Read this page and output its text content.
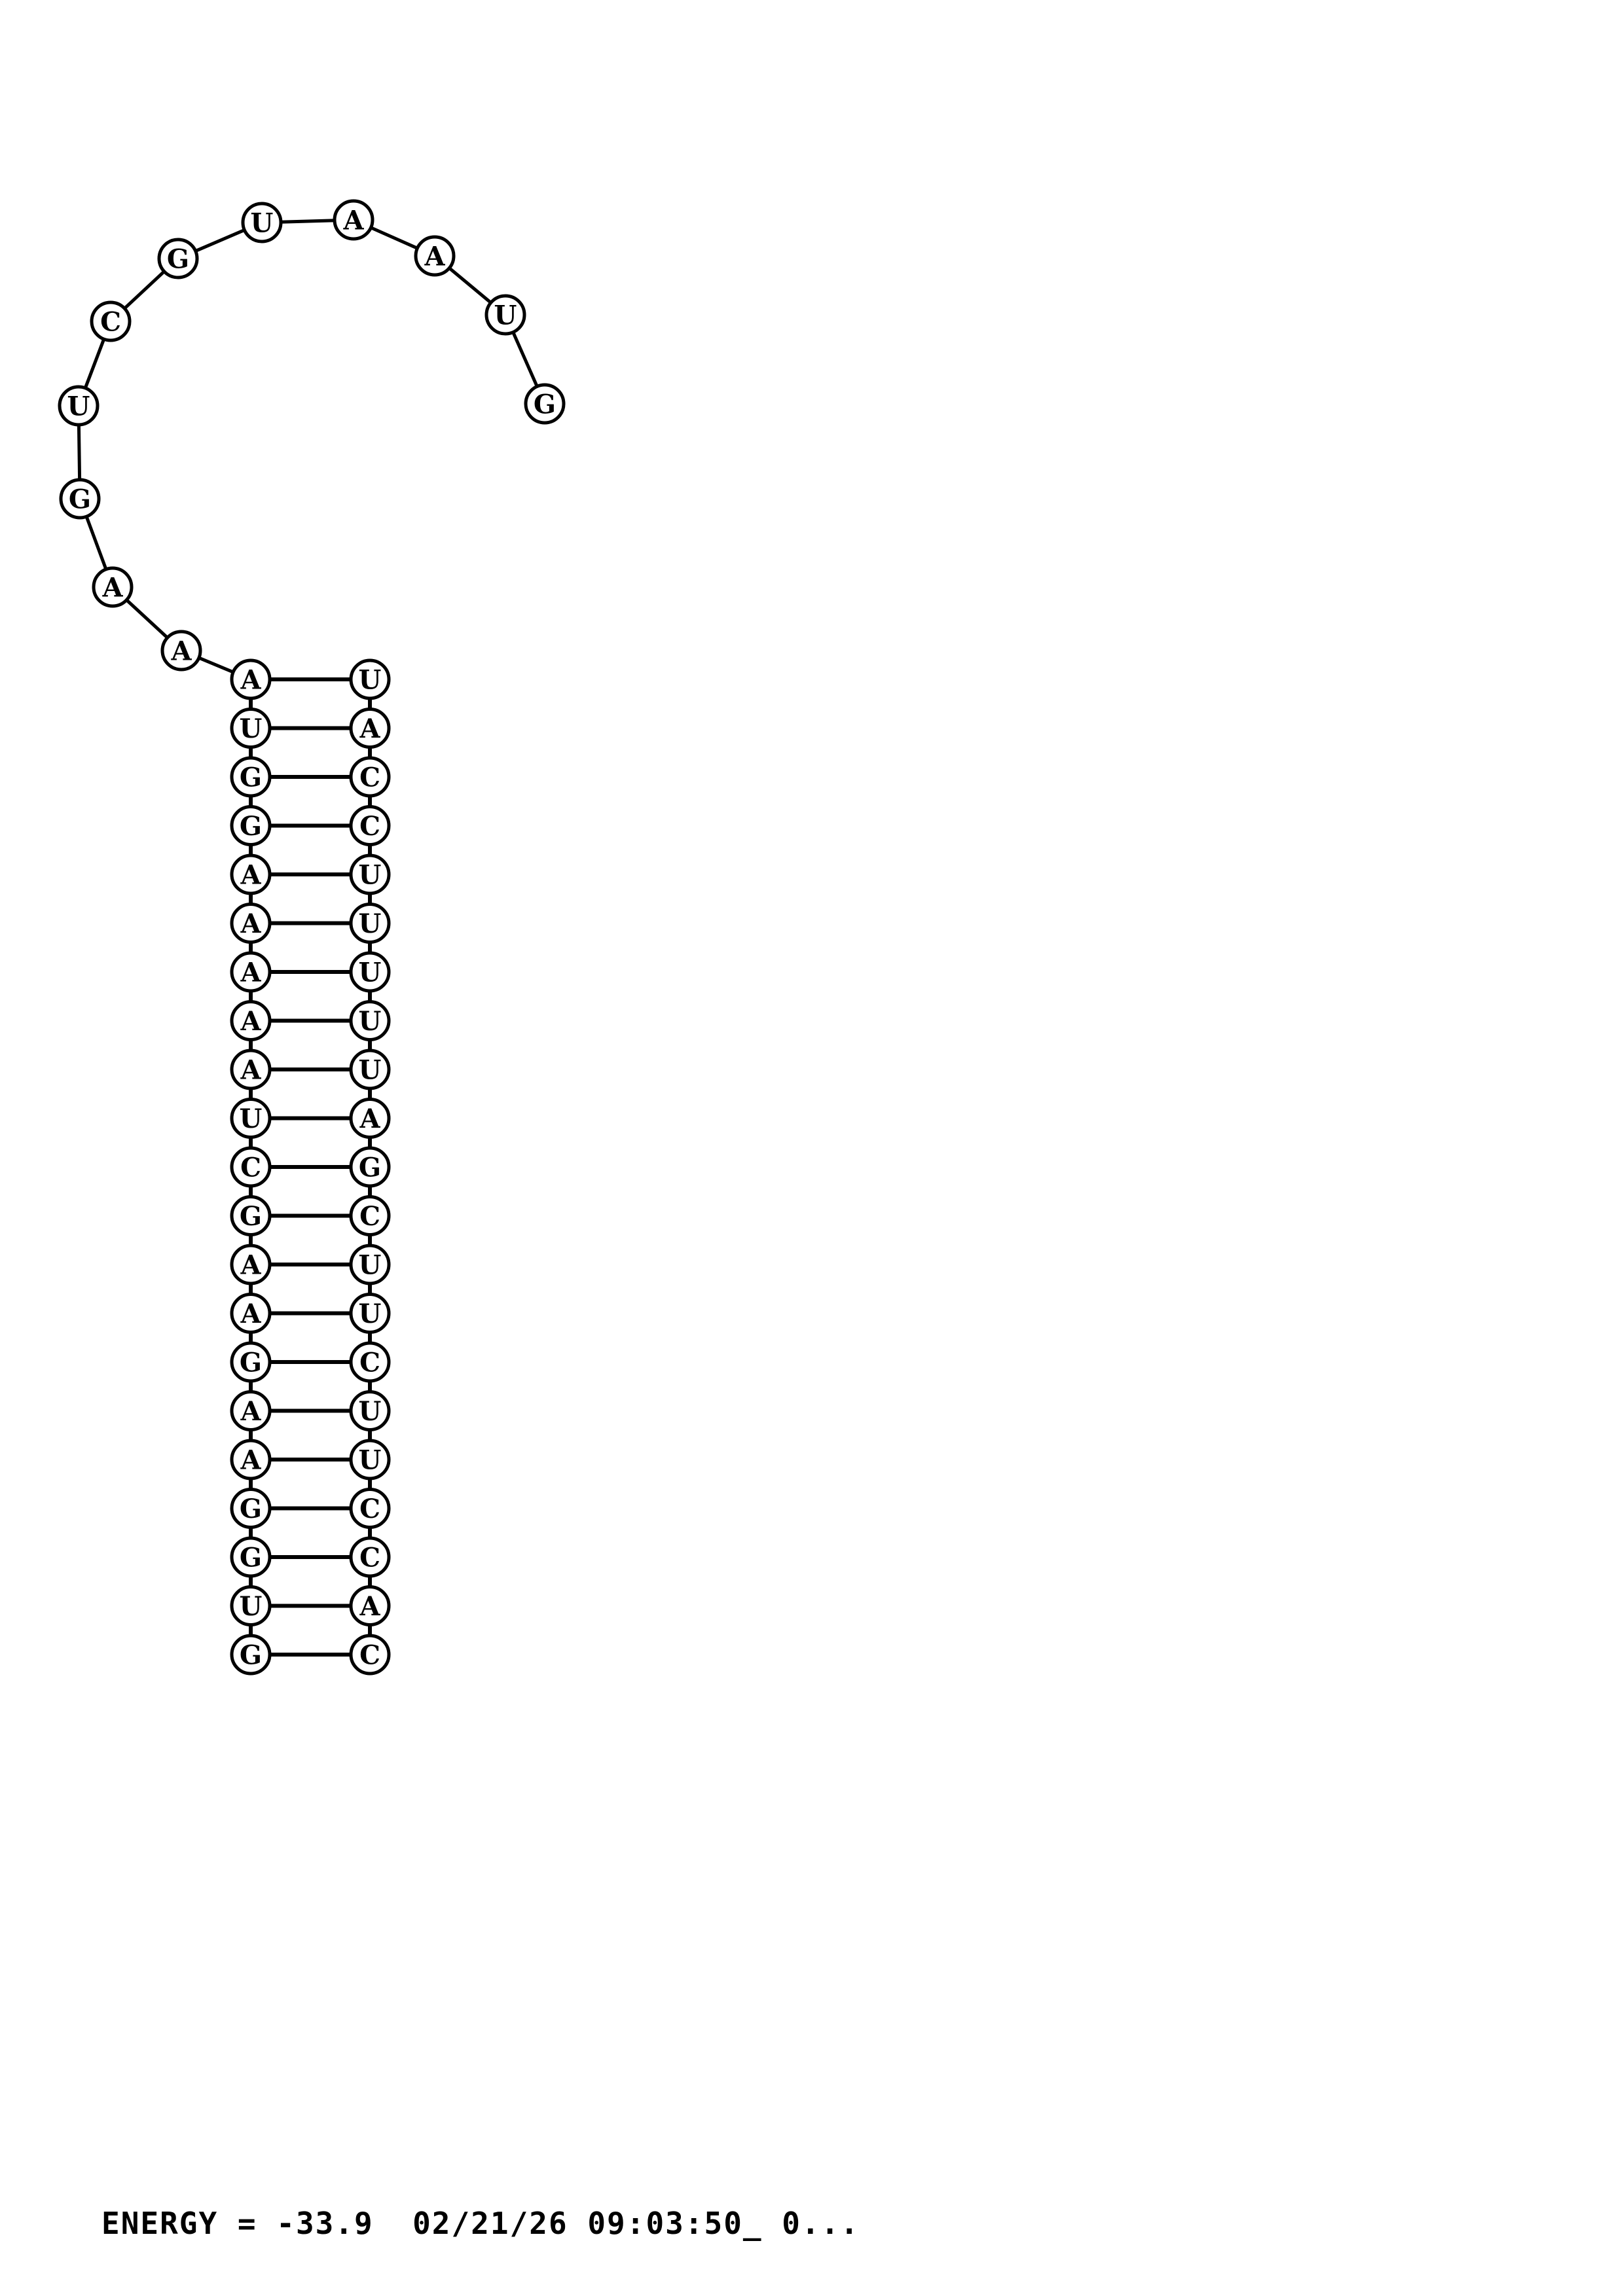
A	U
U	A
G	C
G	C
A	U
A	U
A	U
A	U
A	U
U	A
C	G
G	C
A	U
A	U
G	C
A	U
A	U
G	C
G	C
U	A
G	C
A
A
G
U
C
G
U	A
A
U
G
ENERGY = -33.9  02/21/26 09:03:50_ 0...
